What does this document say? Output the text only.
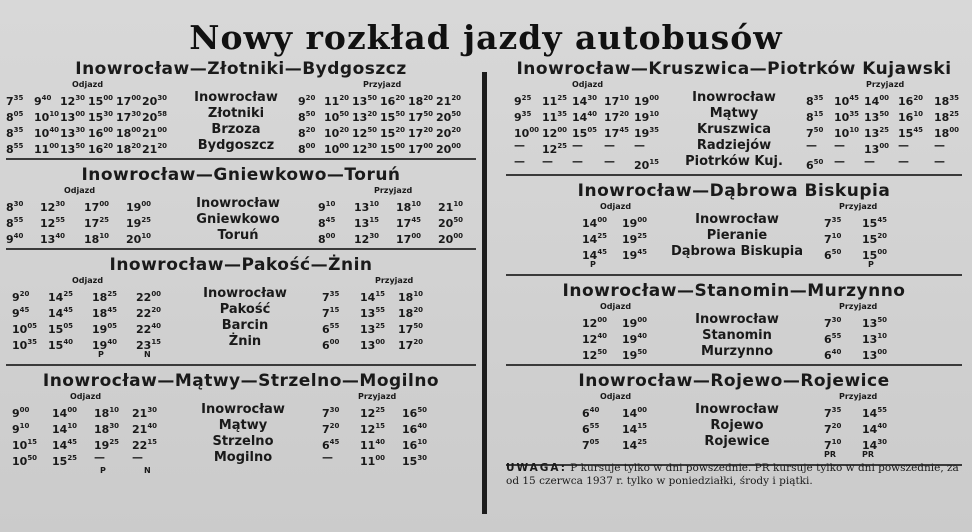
Nowy rozkład jazdy autobusów
Inowrocław—Złotniki—Bydgoszcz
Odjazd	Przyjazd
$7^{35}$ $9^{40}$ $12^{30}$ $15^{00}$ $17^{00}$ $20^{30}$	Inowrocław	$9^{20}$ $11^{20}$ $13^{50}$ $16^{20}$ $18^{20}$ $21^{20}$
$8^{05}$ $10^{10}$ $13^{00}$ $15^{30}$ $17^{30}$ $20^{58}$	Złotniki	$8^{50}$ $10^{50}$ $13^{20}$ $15^{50}$ $17^{50}$ $20^{50}$
$8^{35}$ $10^{40}$ $13^{30}$ $16^{00}$ $18^{00}$ $21^{00}$	Brzoza	$8^{20}$ $10^{20}$ $12^{50}$ $15^{20}$ $17^{20}$ $20^{20}$
$8^{55}$ $11^{00}$ $13^{50}$ $16^{20}$ $18^{20}$ $21^{20}$	Bydgoszcz	$8^{00}$ $10^{00}$ $12^{30}$ $15^{00}$ $17^{00}$ $20^{00}$
Inowrocław—Gniewkowo—Toruń
Odjazd	Przyjazd
$8^{30}$ $12^{30}$ $17^{00}$ $19^{00}$	Inowrocław	$9^{10}$ $13^{10}$ $18^{10}$ $21^{10}$
$8^{55}$ $12^{55}$ $17^{25}$ $19^{25}$	Gniewkowo	$8^{45}$ $13^{15}$ $17^{45}$ $20^{50}$
$9^{40}$ $13^{40}$ $18^{10}$ $20^{10}$	Toruń	$8^{00}$ $12^{30}$ $17^{00}$ $20^{00}$
Inowrocław—Pakość—Żnin
Odjazd	Przyjazd
$9^{20}$ $14^{25}$ $18^{25}$ $22^{00}$	Inowrocław	$7^{35}$ $14^{15}$ $18^{10}$
$9^{45}$ $14^{45}$ $18^{45}$ $22^{20}$	Pakość	$7^{15}$ $13^{55}$ $18^{20}$
$10^{05}$ $15^{05}$ $19^{05}$ $22^{40}$	Barcin	$6^{55}$ $13^{25}$ $17^{50}$
$10^{35}$ $15^{40}$ $19^{40}$ $23^{15}$	Żnin	$6^{00}$ $13^{00}$ $17^{20}$
P	N
Inowrocław—Mątwy—Strzelno—Mogilno
Odjazd	Przyjazd
$9^{00}$ $14^{00}$ $18^{10}$ $21^{30}$	Inowrocław	$7^{30}$ $12^{25}$ $16^{50}$
$9^{10}$ $14^{10}$ $18^{30}$ $21^{40}$	Mątwy	$7^{20}$ $12^{15}$ $16^{40}$
$10^{15}$ $14^{45}$ $19^{25}$ $22^{15}$	Strzelno	$6^{45}$ $11^{40}$ $16^{10}$
$10^{50}$ $15^{25}$ — —	Mogilno	— $11^{00}$ $15^{30}$
P	N
Inowrocław—Kruszwica—Piotrków Kujawski
Odjazd	Przyjazd
$9^{25}$ $11^{25}$ $14^{30}$ $17^{10}$ $19^{00}$	Inowrocław	$8^{35}$ $10^{45}$ $14^{00}$ $16^{20}$ $18^{35}$
$9^{35}$ $11^{35}$ $14^{40}$ $17^{20}$ $19^{10}$	Mątwy	$8^{15}$ $10^{35}$ $13^{50}$ $16^{10}$ $18^{25}$
$10^{00}$ $12^{00}$ $15^{05}$ $17^{45}$ $19^{35}$	Kruszwica	$7^{50}$ $10^{10}$ $13^{25}$ $15^{45}$ $18^{00}$
— $12^{25}$ — — —	Radziejów	— — $13^{00}$ — —
— — — — $20^{15}$	Piotrków Kuj.	$6^{50}$ — — — —
Inowrocław—Dąbrowa Biskupia
Odjazd	Przyjazd
$14^{00}$ $19^{00}$	Inowrocław	$7^{35}$ $15^{45}$
$14^{25}$ $19^{25}$	Pieranie	$7^{10}$ $15^{20}$
$14^{45}$ $19^{45}$	Dąbrowa Biskupia	$6^{50}$ $15^{00}$
P	P
Inowrocław—Stanomin—Murzynno
Odjazd	Przyjazd
$12^{00}$ $19^{00}$	Inowrocław	$7^{30}$ $13^{50}$
$12^{40}$ $19^{40}$	Stanomin	$6^{55}$ $13^{10}$
$12^{50}$ $19^{50}$	Murzynno	$6^{40}$ $13^{00}$
Inowrocław—Rojewo—Rojewice
Odjazd	Przyjazd
$6^{40}$ $14^{00}$	Inowrocław	$7^{35}$ $14^{55}$
$6^{55}$ $14^{15}$	Rojewo	$7^{20}$ $14^{40}$
$7^{05}$ $14^{25}$	Rojewice	$7^{10}$ $14^{30}$
PR	PR
UWAGA: P kursuje tylko w dni powszednie. PR kursuje tylko w dni powszednie, za od 15 czerwca 1937 r. tylko w poniedziałki, środy i piątki.
